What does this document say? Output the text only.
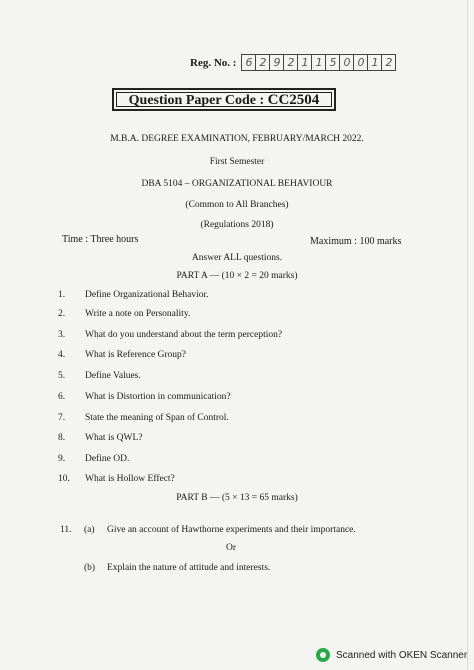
Reg. No. : 6 2 9 2 1 1 5 0 0 1 2
Question Paper Code : CC2504
M.B.A. DEGREE EXAMINATION, FEBRUARY/MARCH 2022.
First Semester
DBA 5104 – ORGANIZATIONAL BEHAVIOUR
(Common to All Branches)
(Regulations 2018)
Time : Three hours	Maximum : 100 marks
Answer ALL questions.
PART A — (10 × 2 = 20 marks)
1. Define Organizational Behavior.
2. Write a note on Personality.
3. What do you understand about the term perception?
4. What is Reference Group?
5. Define Values.
6. What is Distortion in communication?
7. State the meaning of Span of Control.
8. What is QWL?
9. Define OD.
10. What is Hollow Effect?
PART B — (5 × 13 = 65 marks)
11. (a) Give an account of Hawthorne experiments and their importance.
Or
(b) Explain the nature of attitude and interests.
Scanned with OKEN Scanner
